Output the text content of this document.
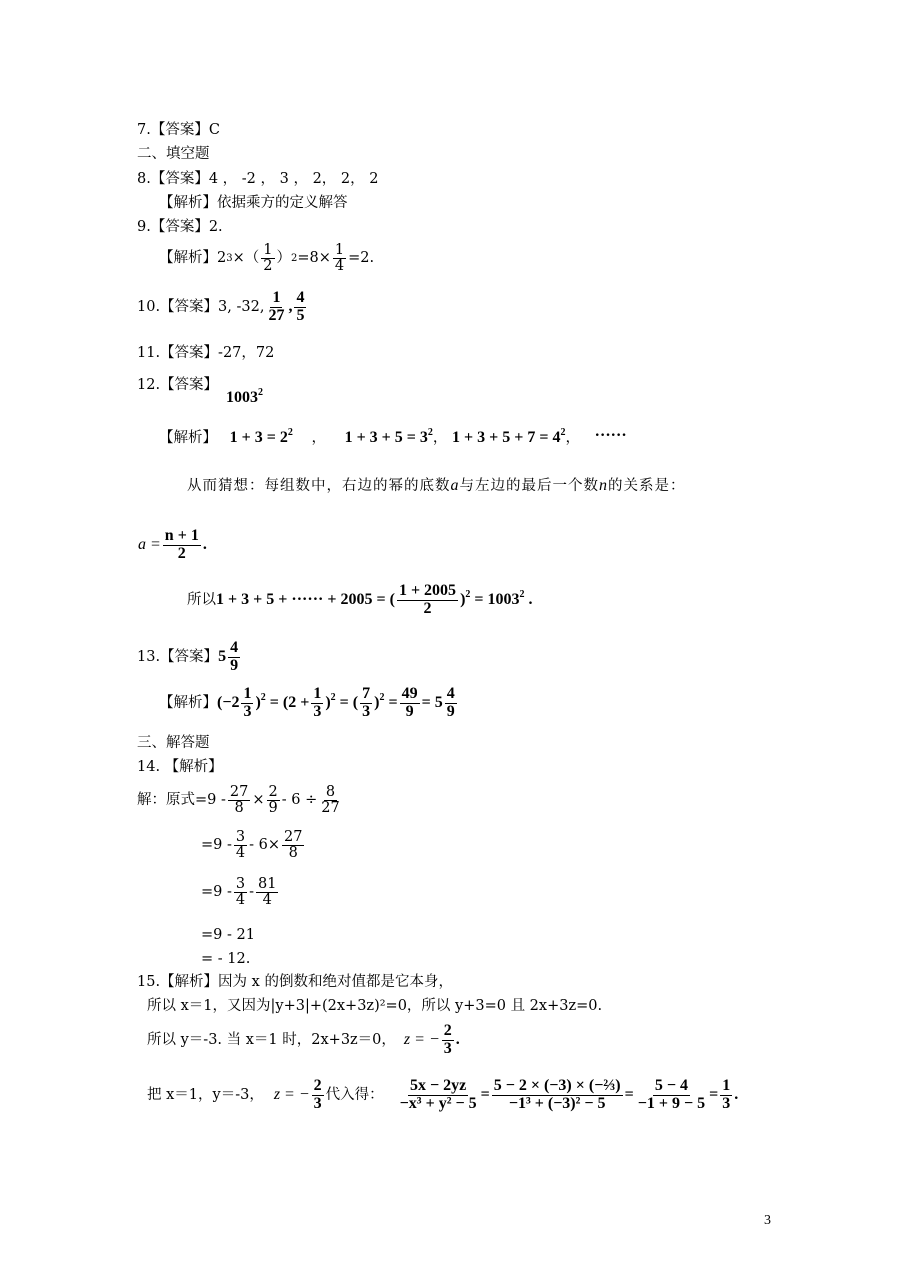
7.【答案】C
二、填空题
8.【答案】4 ， -2 ， 3 ， 2， 2， 2
【解析】依据乘方的定义解答
9.【答案】2.
【解析】2 3 ×（ $\frac{1}{2}$ ） $2 =8\times \frac{1}{4} =2$.
10.【答案】3, -32, $\frac{1}{27}$ , $\frac{4}{5}$
11.【答案】-27，72
12.【答案】
1003$^2$
【解析】 $1 + 3 = 2^2$ ， $1 + 3 + 5 = 3^2$， $1 + 3 + 5 + 7 = 4^2$， ……
从而猜想：每组数中，右边的幂的底数a与左边的最后一个数n的关系是：
$a = \frac{n + 1}{2}$ .
所以 1 + 3 + 5 + ······ + 2005 = ( $\frac{1 + 2005}{2} )^2 = 1003^2$ .
13.【答案】 $5 \frac{4}{9}$
【解析】 $(-2 \frac{1}{3} )^2 = (2 + \frac{1}{3} )^2$ = ( $\frac{7}{3} )^2 = \frac{49}{9} = 5 \frac{4}{9}$
三、解答题
14. 【解析】
解：原式$=9 - \frac{27}{8} \times \frac{2}{9} - 6 \div \frac{8}{27}$
$=9 - \frac{3}{4} - 6\times \frac{27}{8}$
$=9 - \frac{3}{4} - \frac{81}{4}$
=9 - 21
= - 12.
15.【解析】因为 x 的倒数和绝对值都是它本身，
所以 x＝1，又因为|y+3|+(2x+3z)²=0，所以 y+3=0 且 2x+3z=0.
所以 y＝-3. 当 x＝1 时，2x+3z＝0， z = − $\frac{2}{3}$ .
把 x＝1，y＝-3， z = − $\frac{2}{3}$ 代入得： $\frac{5x - 2yz}{\text{−x³ + y² − 5}} = \frac{\text{5 − 2 × (−3) × (−⅔)}}{\text{−1³ + (−3)² − 5}} = \frac{5 - 4}{-1 + 9 - 5} = \frac{1}{3}$ .
3
